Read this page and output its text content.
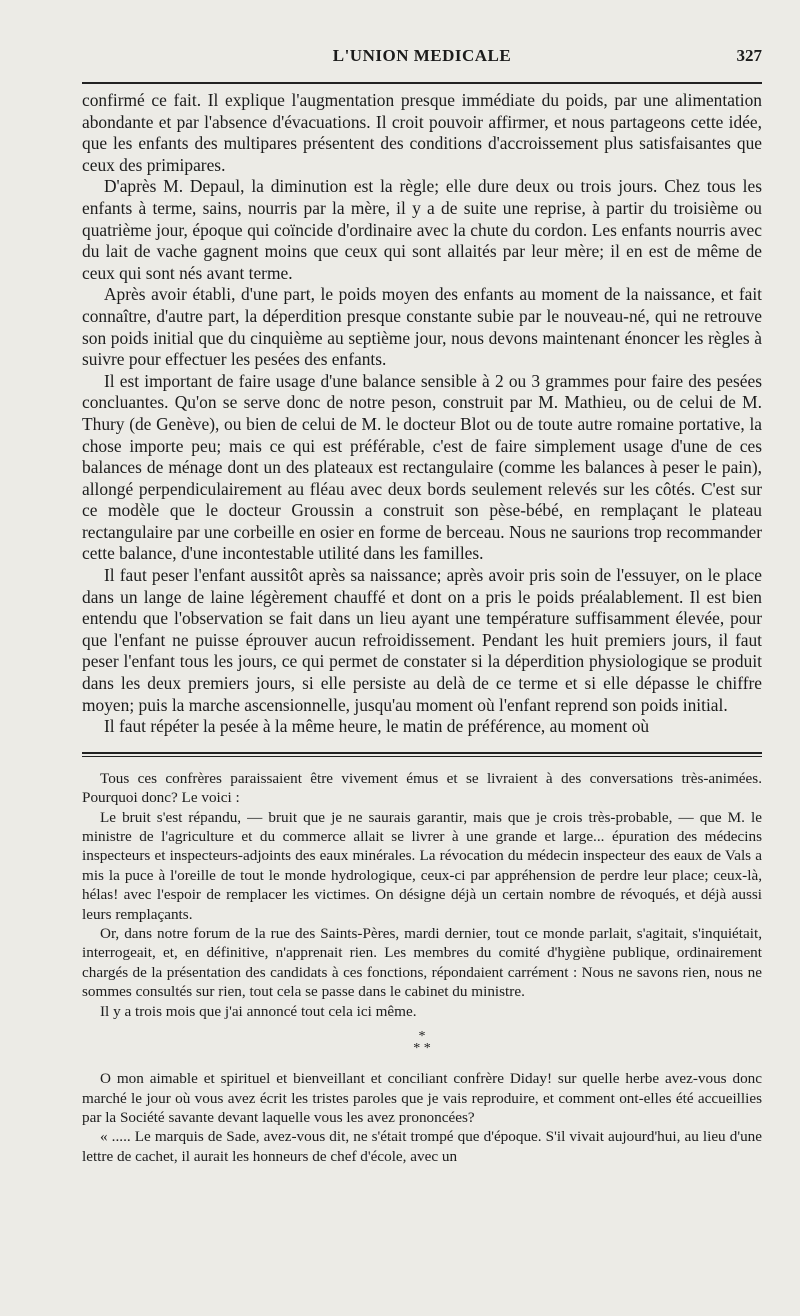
L'UNION MEDICALE	327

confirmé ce fait. Il explique l'augmentation presque immédiate du poids, par une alimentation abondante et par l'absence d'évacuations. Il croit pouvoir affirmer, et nous partageons cette idée, que les enfants des multipares présentent des conditions d'accroissement plus satisfaisantes que ceux des primipares.

D'après M. Depaul, la diminution est la règle; elle dure deux ou trois jours. Chez tous les enfants à terme, sains, nourris par la mère, il y a de suite une reprise, à partir du troisième ou quatrième jour, époque qui coïncide d'ordinaire avec la chute du cordon. Les enfants nourris avec du lait de vache gagnent moins que ceux qui sont allaités par leur mère; il en est de même de ceux qui sont nés avant terme.

Après avoir établi, d'une part, le poids moyen des enfants au moment de la naissance, et fait connaître, d'autre part, la déperdition presque constante subie par le nouveau-né, qui ne retrouve son poids initial que du cinquième au septième jour, nous devons maintenant énoncer les règles à suivre pour effectuer les pesées des enfants.

Il est important de faire usage d'une balance sensible à 2 ou 3 grammes pour faire des pesées concluantes. Qu'on se serve donc de notre peson, construit par M. Mathieu, ou de celui de M. Thury (de Genève), ou bien de celui de M. le docteur Blot ou de toute autre romaine portative, la chose importe peu; mais ce qui est préférable, c'est de faire simplement usage d'une de ces balances de ménage dont un des plateaux est rectangulaire (comme les balances à peser le pain), allongé perpendiculairement au fléau avec deux bords seulement relevés sur les côtés. C'est sur ce modèle que le docteur Groussin a construit son pèse-bébé, en remplaçant le plateau rectangulaire par une corbeille en osier en forme de berceau. Nous ne saurions trop recommander cette balance, d'une incontestable utilité dans les familles.

Il faut peser l'enfant aussitôt après sa naissance; après avoir pris soin de l'essuyer, on le place dans un lange de laine légèrement chauffé et dont on a pris le poids préalablement. Il est bien entendu que l'observation se fait dans un lieu ayant une température suffisamment élevée, pour que l'enfant ne puisse éprouver aucun refroidissement. Pendant les huit premiers jours, il faut peser l'enfant tous les jours, ce qui permet de constater si la déperdition physiologique se produit dans les deux premiers jours, si elle persiste au delà de ce terme et si elle dépasse le chiffre moyen; puis la marche ascensionnelle, jusqu'au moment où l'enfant reprend son poids initial.

Il faut répéter la pesée à la même heure, le matin de préférence, au moment où

Tous ces confrères paraissaient être vivement émus et se livraient à des conversations très-animées. Pourquoi donc? Le voici :

Le bruit s'est répandu, — bruit que je ne saurais garantir, mais que je crois très-probable, — que M. le ministre de l'agriculture et du commerce allait se livrer à une grande et large... épuration des médecins inspecteurs et inspecteurs-adjoints des eaux minérales. La révocation du médecin inspecteur des eaux de Vals a mis la puce à l'oreille de tout le monde hydrologique, ceux-ci par appréhension de perdre leur place; ceux-là, hélas! avec l'espoir de remplacer les victimes. On désigne déjà un certain nombre de révoqués, et déjà aussi leurs remplaçants.

Or, dans notre forum de la rue des Saints-Pères, mardi dernier, tout ce monde parlait, s'agitait, s'inquiétait, interrogeait, et, en définitive, n'apprenait rien. Les membres du comité d'hygiène publique, ordinairement chargés de la présentation des candidats à ces fonctions, répondaient carrément : Nous ne savons rien, nous ne sommes consultés sur rien, tout cela se passe dans le cabinet du ministre.

Il y a trois mois que j'ai annoncé tout cela ici même.

*
* *

O mon aimable et spirituel et bienveillant et conciliant confrère Diday! sur quelle herbe avez-vous donc marché le jour où vous avez écrit les tristes paroles que je vais reproduire, et comment ont-elles été accueillies par la Société savante devant laquelle vous les avez prononcées?

« ..... Le marquis de Sade, avez-vous dit, ne s'était trompé que d'époque. S'il vivait aujourd'hui, au lieu d'une lettre de cachet, il aurait les honneurs de chef d'école, avec un
